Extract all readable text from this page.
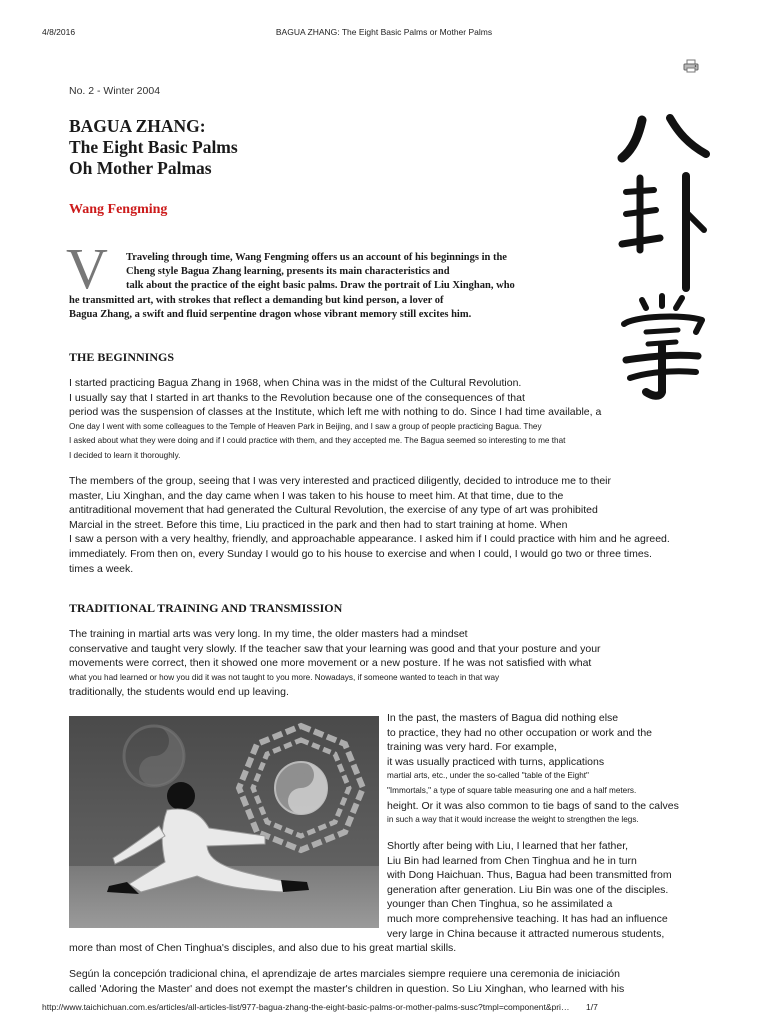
4/8/2016	BAGUA ZHANG: The Eight Basic Palms or Mother Palms
No. 2 - Winter 2004
BAGUA ZHANG:
The Eight Basic Palms
Oh Mother Palmas
Wang Fengming
V Traveling through time, Wang Fengming offers us an account of his beginnings in the
Cheng style Bagua Zhang learning, presents its main characteristics and
talk about the practice of the eight basic palms. Draw the portrait of Liu Xinghan, who
he transmitted art, with strokes that reflect a demanding but kind person, a lover of
Bagua Zhang, a swift and fluid serpentine dragon whose vibrant memory still excites him.
THE BEGINNINGS
I started practicing Bagua Zhang in 1968, when China was in the midst of the Cultural Revolution.
I usually say that I started in art thanks to the Revolution because one of the consequences of that
period was the suspension of classes at the Institute, which left me with nothing to do. Since I had time available, a
One day I went with some colleagues to the Temple of Heaven Park in Beijing, and I saw a group of people practicing Bagua. They
I asked about what they were doing and if I could practice with them, and they accepted me. The Bagua seemed so interesting to me that
I decided to learn it thoroughly.
The members of the group, seeing that I was very interested and practiced diligently, decided to introduce me to their
master, Liu Xinghan, and the day came when I was taken to his house to meet him. At that time, due to the
antitraditional movement that had generated the Cultural Revolution, the exercise of any type of art was prohibited
Marcial in the street. Before this time, Liu practiced in the park and then had to start training at home. When
I saw a person with a very healthy, friendly, and approachable appearance. I asked him if I could practice with him and he agreed.
immediately. From then on, every Sunday I would go to his house to exercise and when I could, I would go two or three times.
times a week.
TRADITIONAL TRAINING AND TRANSMISSION
The training in martial arts was very long. In my time, the older masters had a mindset
conservative and taught very slowly. If the teacher saw that your learning was good and that your posture and your
movements were correct, then it showed one more movement or a new posture. If he was not satisfied with what
what you had learned or how you did it was not taught to you more. Nowadays, if someone wanted to teach in that way
traditionally, the students would end up leaving.
In the past, the masters of Bagua did nothing else
to practice, they had no other occupation or work and the
training was very hard. For example,
it was usually practiced with turns, applications
martial arts, etc., under the so-called "table of the Eight"
"Immortals," a type of square table measuring one and a half meters.
height. Or it was also common to tie bags of sand to the calves
in such a way that it would increase the weight to strengthen the legs.
Shortly after being with Liu, I learned that her father,
Liu Bin had learned from Chen Tinghua and he in turn
with Dong Haichuan. Thus, Bagua had been transmitted from
generation after generation. Liu Bin was one of the disciples.
younger than Chen Tinghua, so he assimilated a
much more comprehensive teaching. It has had an influence
very large in China because it attracted numerous students,
more than most of Chen Tinghua's disciples, and also due to his great martial skills.
Según la concepción tradicional china, el aprendizaje de artes marciales siempre requiere una ceremonia de iniciación
called 'Adoring the Master' and does not exempt the master's children in question. So Liu Xinghan, who learned with his
http://www.taichichuan.com.es/articles/all-articles-list/977-bagua-zhang-the-eight-basic-palms-or-mother-palms-susc?tmpl=component&pri… 1/7
